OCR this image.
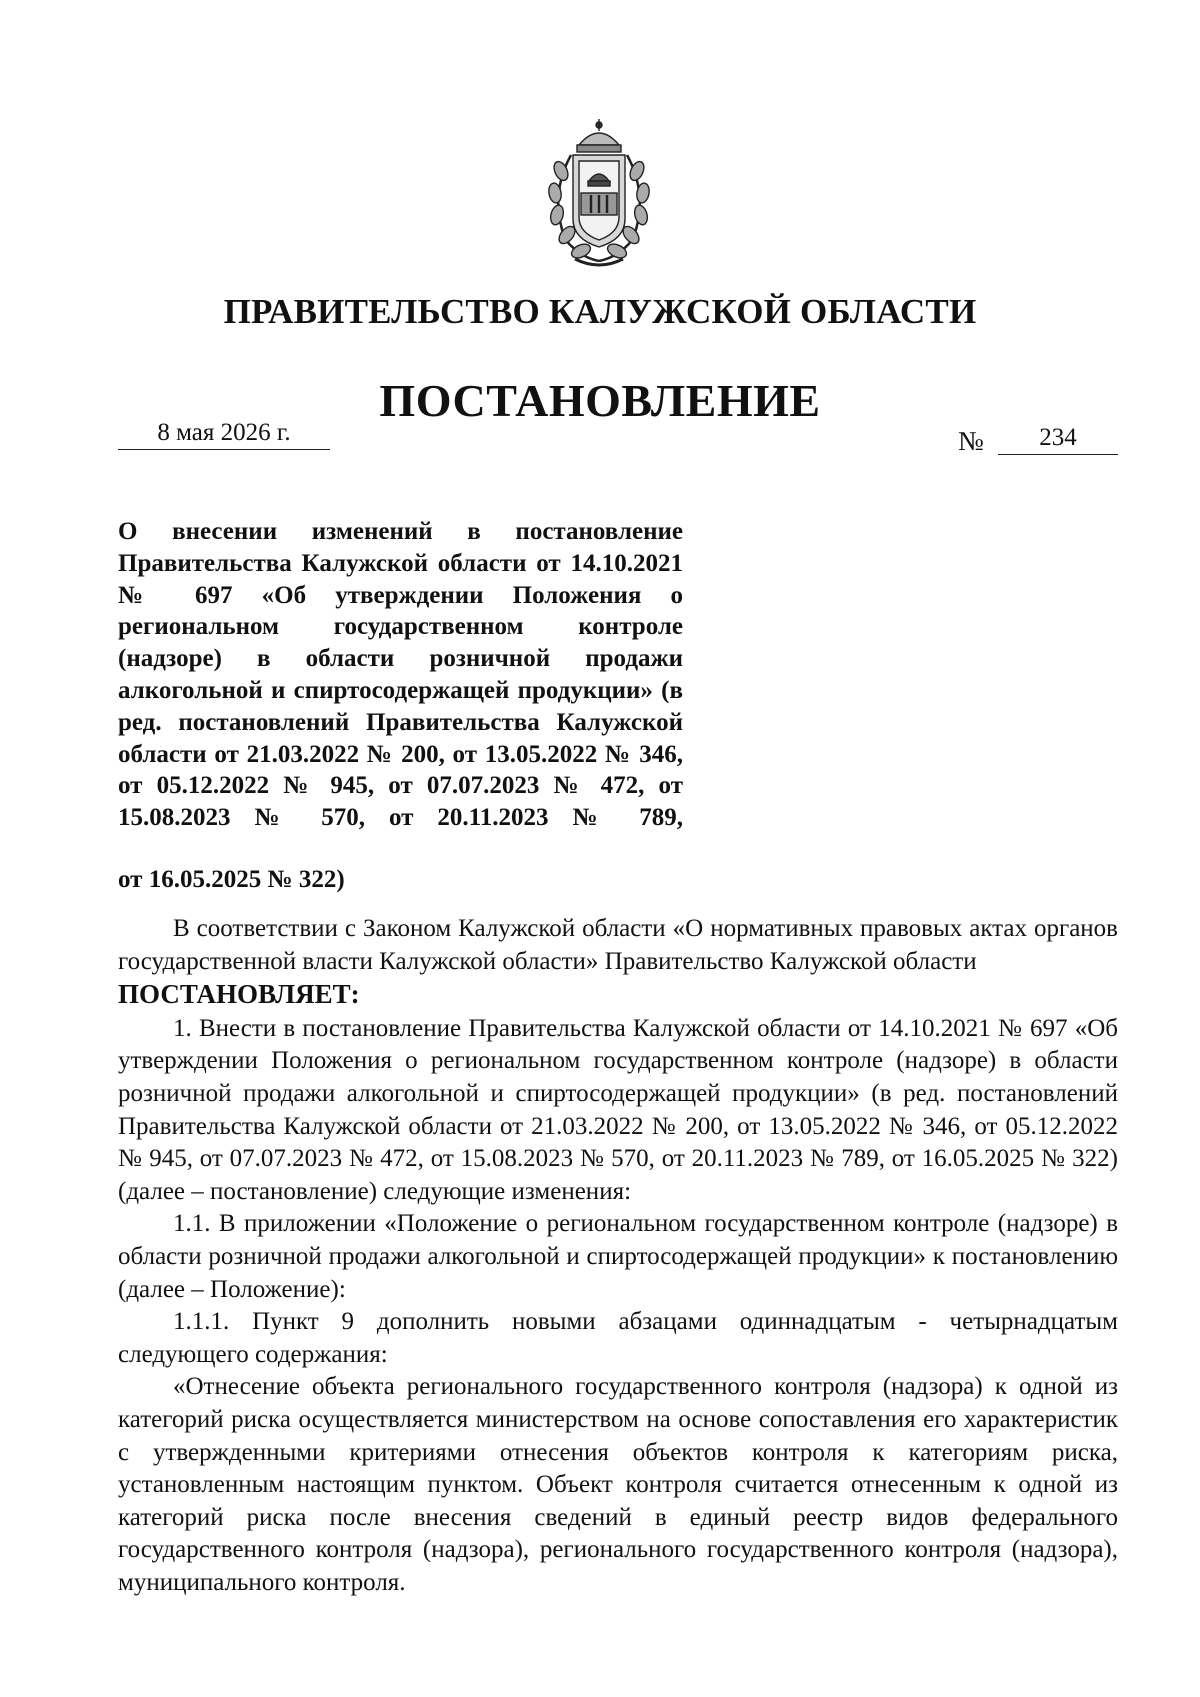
ПРАВИТЕЛЬСТВО КАЛУЖСКОЙ ОБЛАСТИ
ПОСТАНОВЛЕНИЕ
8 мая 2026 г.	№	234
О внесении изменений в постановление Правительства Калужской области от 14.10.2021 № 697 «Об утверждении Положения о региональном государственном контроле (надзоре) в области розничной продажи алкогольной и спиртосодержащей продукции» (в ред. постановлений Правительства Калужской области от 21.03.2022 № 200, от 13.05.2022 № 346, от 05.12.2022 № 945, от 07.07.2023 № 472, от 15.08.2023 № 570, от 20.11.2023 № 789,
от 16.05.2025 № 322)

В соответствии с Законом Калужской области «О нормативных правовых актах органов государственной власти Калужской области» Правительство Калужской области
ПОСТАНОВЛЯЕТ:

1. Внести в постановление Правительства Калужской области от 14.10.2021 № 697 «Об утверждении Положения о региональном государственном контроле (надзоре) в области розничной продажи алкогольной и спиртосодержащей продукции» (в ред. постановлений Правительства Калужской области от 21.03.2022 № 200, от 13.05.2022 № 346, от 05.12.2022 № 945, от 07.07.2023 № 472, от 15.08.2023 № 570, от 20.11.2023 № 789, от 16.05.2025 № 322) (далее – постановление) следующие изменения:

1.1. В приложении «Положение о региональном государственном контроле (надзоре) в области розничной продажи алкогольной и спиртосодержащей продукции» к постановлению (далее – Положение):

1.1.1. Пункт 9 дополнить новыми абзацами одиннадцатым - четырнадцатым следующего содержания:

«Отнесение объекта регионального государственного контроля (надзора) к одной из категорий риска осуществляется министерством на основе сопоставления его характеристик с утвержденными критериями отнесения объектов контроля к категориям риска, установленным настоящим пунктом. Объект контроля считается отнесенным к одной из категорий риска после внесения сведений в единый реестр видов федерального государственного контроля (надзора), регионального государственного контроля (надзора), муниципального контроля.
